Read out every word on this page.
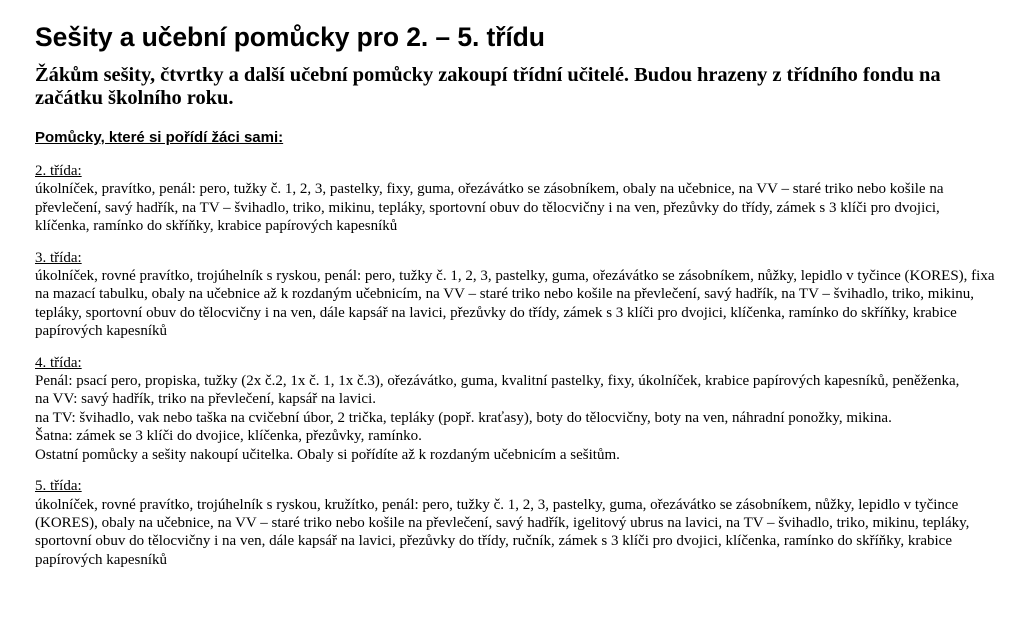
Sešity a učební pomůcky pro 2. – 5. třídu

Žákům sešity, čtvrtky a další učební pomůcky zakoupí třídní učitelé. Budou hrazeny z třídního fondu na začátku školního roku.

Pomůcky, které si pořídí žáci sami:
2. třída:
úkolníček, pravítko, penál: pero, tužky č. 1, 2, 3, pastelky, fixy, guma, ořezávátko se zásobníkem, obaly na učebnice, na VV – staré triko nebo košile na převlečení, savý hadřík, na TV – švihadlo, triko, mikinu, tepláky, sportovní obuv do tělocvičny i na ven, přezůvky do třídy, zámek s 3 klíči pro dvojici, klíčenka, ramínko do skříňky, krabice papírových kapesníků
3. třída:
úkolníček, rovné pravítko, trojúhelník s ryskou, penál: pero, tužky č. 1, 2, 3, pastelky, guma, ořezávátko se zásobníkem, nůžky, lepidlo v tyčince (KORES), fixa na mazací tabulku, obaly na učebnice až k rozdaným učebnicím, na VV – staré triko nebo košile na převlečení, savý hadřík, na TV – švihadlo, triko, mikinu, tepláky, sportovní obuv do tělocvičny i na ven, dále kapsář na lavici, přezůvky do třídy, zámek s 3 klíči pro dvojici, klíčenka, ramínko do skříňky, krabice papírových kapesníků
4. třída:
Penál: psací pero, propiska, tužky (2x č.2, 1x č. 1, 1x č.3), ořezávátko, guma, kvalitní pastelky, fixy, úkolníček, krabice papírových kapesníků, peněženka,
na VV: savý hadřík, triko na převlečení, kapsář na lavici.
na TV: švihadlo, vak nebo taška na cvičební úbor, 2 trička, tepláky (popř. kraťasy), boty do tělocvičny, boty na ven, náhradní ponožky, mikina.
Šatna: zámek se 3 klíči do dvojice, klíčenka, přezůvky, ramínko.
Ostatní pomůcky a sešity nakoupí učitelka. Obaly si pořídíte až k rozdaným učebnicím a sešitům.
5. třída:
úkolníček, rovné pravítko, trojúhelník s ryskou, kružítko, penál: pero, tužky č. 1, 2, 3, pastelky, guma, ořezávátko se zásobníkem, nůžky, lepidlo v tyčince (KORES), obaly na učebnice, na VV – staré triko nebo košile na převlečení, savý hadřík, igelitový ubrus na lavici, na TV – švihadlo, triko, mikinu, tepláky, sportovní obuv do tělocvičny i na ven, dále kapsář na lavici, přezůvky do třídy, ručník, zámek s 3 klíči pro dvojici, klíčenka, ramínko do skříňky, krabice papírových kapesníků
